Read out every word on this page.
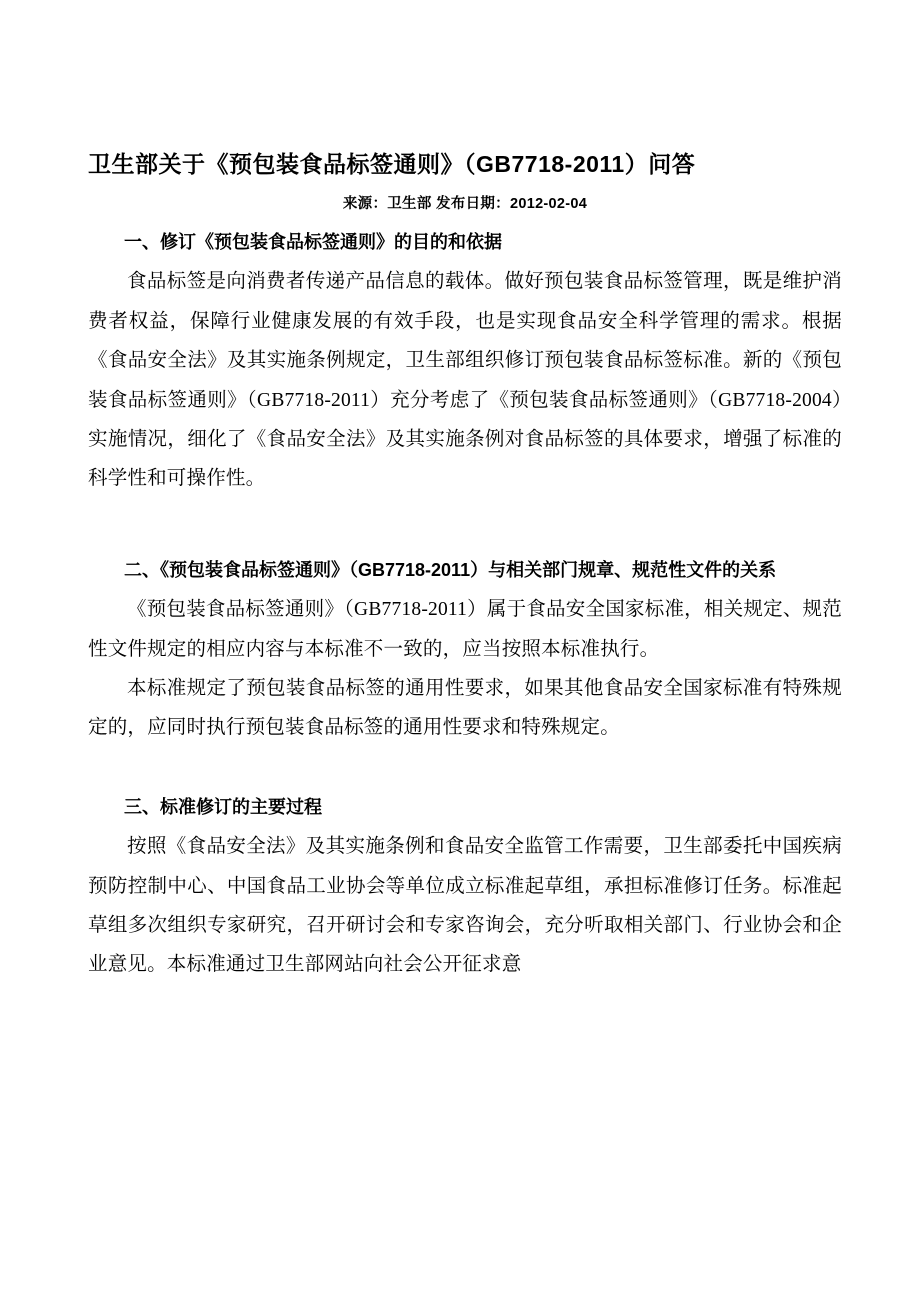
卫生部关于《预包装食品标签通则》（GB7718-2011）问答
来源：卫生部 发布日期：2012-02-04
一、修订《预包装食品标签通则》的目的和依据

食品标签是向消费者传递产品信息的载体。做好预包装食品标签管理，既是维护消费者权益，保障行业健康发展的有效手段，也是实现食品安全科学管理的需求。根据《食品安全法》及其实施条例规定，卫生部组织修订预包装食品标签标准。新的《预包装食品标签通则》（GB7718-2011）充分考虑了《预包装食品标签通则》（GB7718-2004）实施情况，细化了《食品安全法》及其实施条例对食品标签的具体要求，增强了标准的科学性和可操作性。

二、《预包装食品标签通则》（GB7718-2011）与相关部门规章、规范性文件的关系

《预包装食品标签通则》（GB7718-2011）属于食品安全国家标准，相关规定、规范性文件规定的相应内容与本标准不一致的，应当按照本标准执行。

本标准规定了预包装食品标签的通用性要求，如果其他食品安全国家标准有特殊规定的，应同时执行预包装食品标签的通用性要求和特殊规定。

三、标准修订的主要过程

按照《食品安全法》及其实施条例和食品安全监管工作需要，卫生部委托中国疾病预防控制中心、中国食品工业协会等单位成立标准起草组，承担标准修订任务。标准起草组多次组织专家研究，召开研讨会和专家咨询会，充分听取相关部门、行业协会和企业意见。本标准通过卫生部网站向社会公开征求意
